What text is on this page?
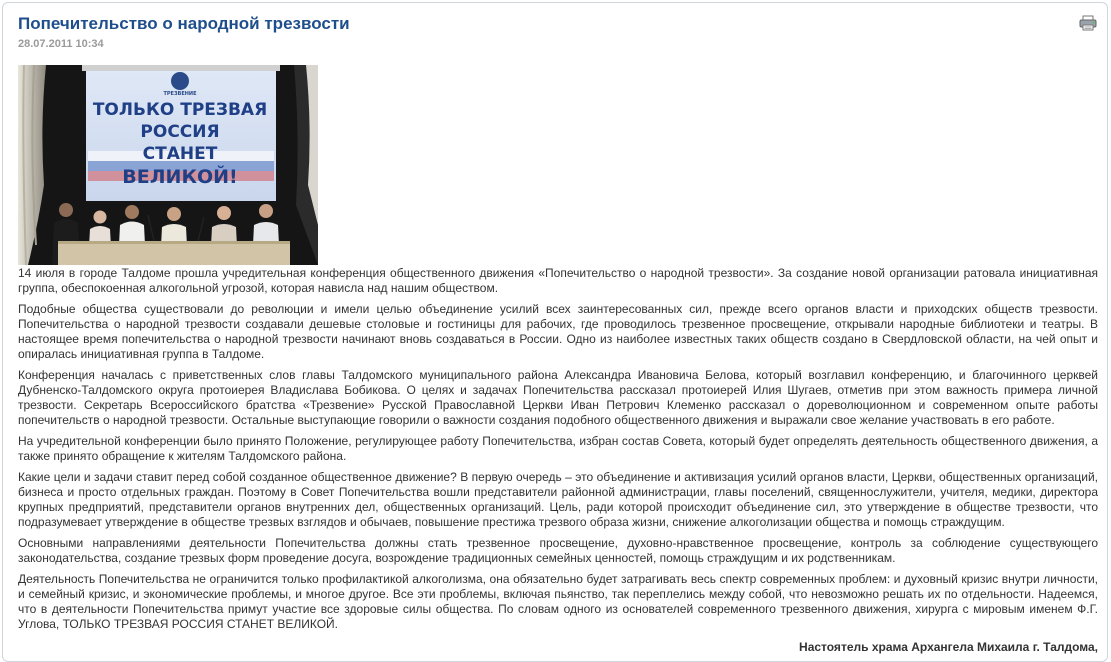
Попечительство о народной трезвости
28.07.2011 10:34
ТРЕЗВЕНИЕ
ТОЛЬКО ТРЕЗВАЯ
РОССИЯ
СТАНЕТ
ВЕЛИКОЙ!

14 июля в городе Талдоме прошла учредительная конференция общественного движения «Попечительство о народной трезвости». За создание новой организации ратовала инициативная группа, обеспокоенная алкогольной угрозой, которая нависла над нашим обществом.

Подобные общества существовали до революции и имели целью объединение усилий всех заинтересованных сил, прежде всего органов власти и приходских обществ трезвости. Попечительства о народной трезвости создавали дешевые столовые и гостиницы для рабочих, где проводилось трезвенное просвещение, открывали народные библиотеки и театры. В настоящее время попечительства о народной трезвости начинают вновь создаваться в России. Одно из наиболее известных таких обществ создано в Свердловской области, на чей опыт и опиралась инициативная группа в Талдоме.

Конференция началась с приветственных слов главы Талдомского муниципального района Александра Ивановича Белова, который возглавил конференцию, и благочинного церквей Дубненско-Талдомского округа протоиерея Владислава Бобикова. О целях и задачах Попечительства рассказал протоиерей Илия Шугаев, отметив при этом важность примера личной трезвости. Секретарь Всероссийского братства «Трезвение» Русской Православной Церкви Иван Петрович Клеменко рассказал о дореволюционном и современном опыте работы попечительств о народной трезвости. Остальные выступающие говорили о важности создания подобного общественного движения и выражали свое желание участвовать в его работе.

На учредительной конференции было принято Положение, регулирующее работу Попечительства, избран состав Совета, который будет определять деятельность общественного движения, а также принято обращение к жителям Талдомского района.

Какие цели и задачи ставит перед собой созданное общественное движение? В первую очередь – это объединение и активизация усилий органов власти, Церкви, общественных организаций, бизнеса и просто отдельных граждан. Поэтому в Совет Попечительства вошли представители районной администрации, главы поселений, священнослужители, учителя, медики, директора крупных предприятий, представители органов внутренних дел, общественных организаций. Цель, ради которой происходит объединение сил, это утверждение в обществе трезвости, что подразумевает утверждение в обществе трезвых взглядов и обычаев, повышение престижа трезвого образа жизни, снижение алкоголизации общества и помощь страждущим.

Основными направлениями деятельности Попечительства должны стать трезвенное просвещение, духовно-нравственное просвещение, контроль за соблюдение существующего законодательства, создание трезвых форм проведение досуга, возрождение традиционных семейных ценностей, помощь страждущим и их родственникам.

Деятельность Попечительства не ограничится только профилактикой алкоголизма, она обязательно будет затрагивать весь спектр современных проблем: и духовный кризис внутри личности, и семейный кризис, и экономические проблемы, и многое другое. Все эти проблемы, включая пьянство, так переплелись между собой, что невозможно решать их по отдельности. Надеемся, что в деятельности Попечительства примут участие все здоровые силы общества. По словам одного из основателей современного трезвенного движения, хирурга с мировым именем Ф.Г. Углова, ТОЛЬКО ТРЕЗВАЯ РОССИЯ СТАНЕТ ВЕЛИКОЙ.

Настоятель храма Архангела Михаила г. Талдома,
